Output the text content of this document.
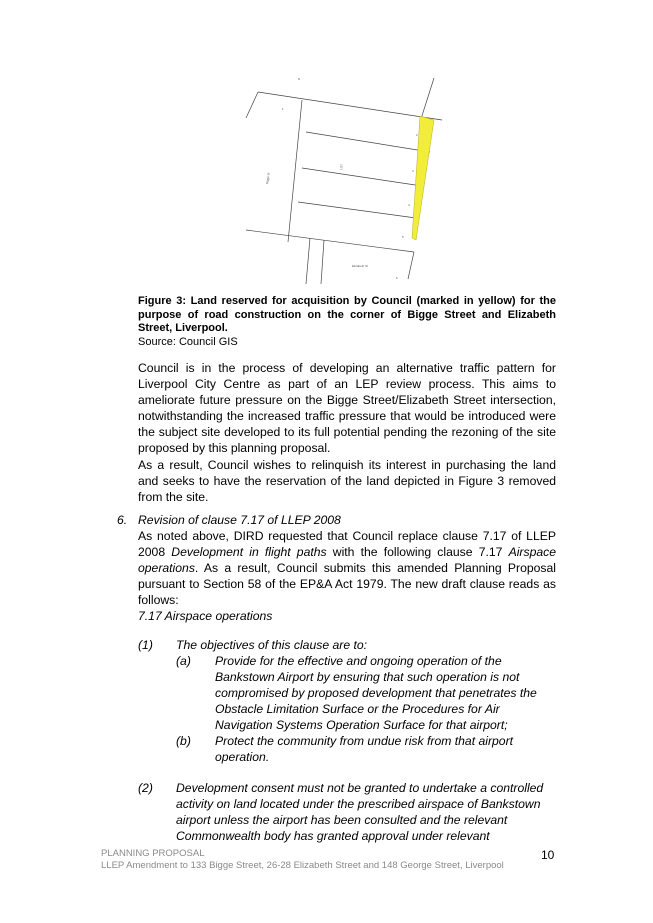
N
1
2
3
4
5
6
Bigge St
Elizabeth St
LOT
Figure 3: Land reserved for acquisition by Council (marked in yellow) for the purpose of road construction on the corner of Bigge Street and Elizabeth Street, Liverpool.
Source: Council GIS
Council is in the process of developing an alternative traffic pattern for Liverpool City Centre as part of an LEP review process. This aims to ameliorate future pressure on the Bigge Street/Elizabeth Street intersection, notwithstanding the increased traffic pressure that would be introduced were the subject site developed to its full potential pending the rezoning of the site proposed by this planning proposal.
As a result, Council wishes to relinquish its interest in purchasing the land and seeks to have the reservation of the land depicted in Figure 3 removed from the site.
6. Revision of clause 7.17 of LLEP 2008
As noted above, DIRD requested that Council replace clause 7.17 of LLEP 2008 Development in flight paths with the following clause 7.17 Airspace operations. As a result, Council submits this amended Planning Proposal pursuant to Section 58 of the EP&A Act 1979. The new draft clause reads as follows:
7.17 Airspace operations
(1) The objectives of this clause are to:
(a) Provide for the effective and ongoing operation of the Bankstown Airport by ensuring that such operation is not compromised by proposed development that penetrates the Obstacle Limitation Surface or the Procedures for Air Navigation Systems Operation Surface for that airport;
(b) Protect the community from undue risk from that airport operation.
(2) Development consent must not be granted to undertake a controlled activity on land located under the prescribed airspace of Bankstown airport unless the airport has been consulted and the relevant Commonwealth body has granted approval under relevant
PLANNING PROPOSAL
LLEP Amendment to 133 Bigge Street, 26-28 Elizabeth Street and 148 George Street, Liverpool
10
